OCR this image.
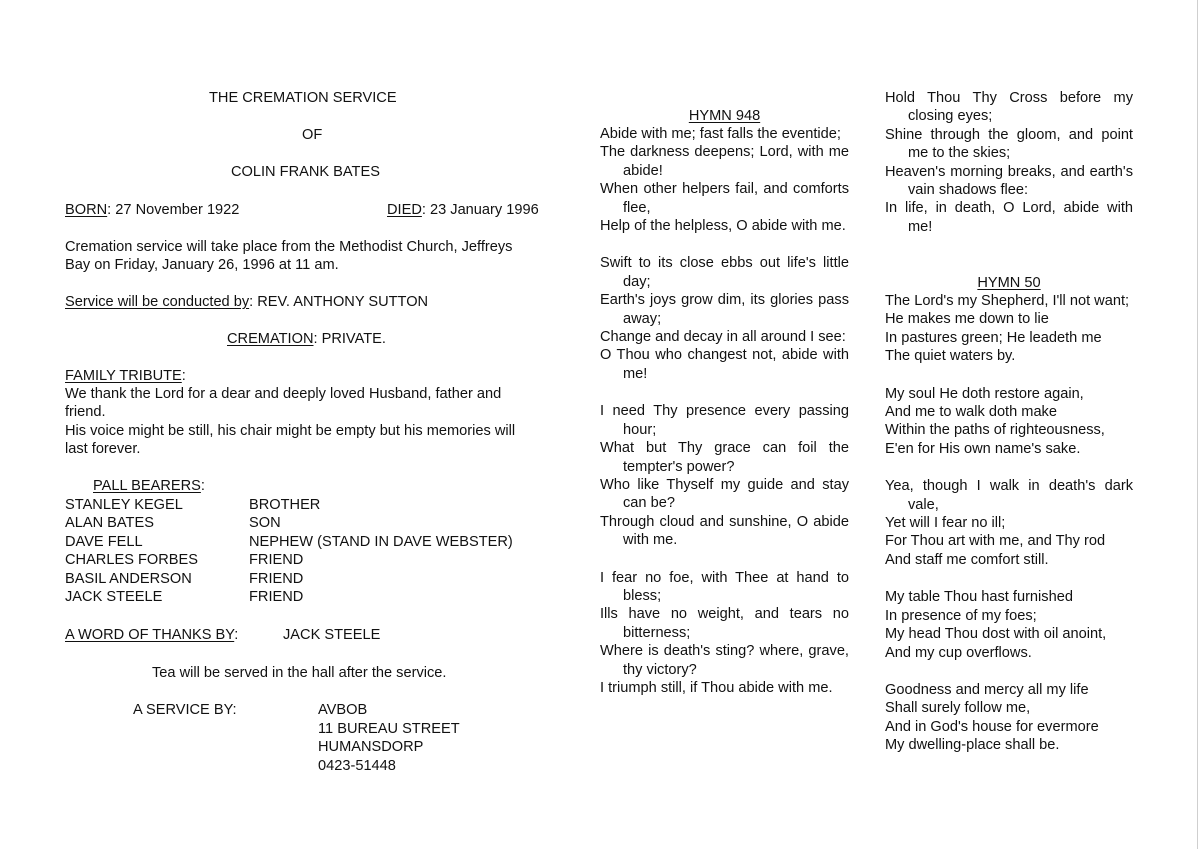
THE CREMATION SERVICE
OF
COLIN FRANK BATES
BORN: 27 November 1922	DIED: 23 January 1996
Cremation service will take place from the Methodist Church, Jeffreys
Bay on Friday, January 26, 1996 at 11 am.
Service will be conducted by: REV. ANTHONY SUTTON
CREMATION: PRIVATE.
FAMILY TRIBUTE:
We thank the Lord for a dear and deeply loved Husband, father and
friend.
His voice might be still, his chair might be empty but his memories will
last forever.
PALL BEARERS:
STANLEY KEGEL	BROTHER
ALAN BATES	SON
DAVE FELL	NEPHEW (STAND IN DAVE WEBSTER)
CHARLES FORBES	FRIEND
BASIL ANDERSON	FRIEND
JACK STEELE	FRIEND
A WORD OF THANKS BY:	JACK STEELE
Tea will be served in the hall after the service.
A SERVICE BY:	AVBOB
11 BUREAU STREET
HUMANSDORP
0423-51448
HYMN 948
Abide with me; fast falls the eventide;
The darkness deepens; Lord, with me abide!
When other helpers fail, and comforts flee,
Help of the helpless, O abide with me.
Swift to its close ebbs out life's little day;
Earth's joys grow dim, its glories pass away;
Change and decay in all around I see:
O Thou who changest not, abide with me!
I need Thy presence every passing hour;
What but Thy grace can foil the tempter's power?
Who like Thyself my guide and stay can be?
Through cloud and sunshine, O abide with me.
I fear no foe, with Thee at hand to bless;
Ills have no weight, and tears no bitterness;
Where is death's sting? where, grave, thy victory?
I triumph still, if Thou abide with me.
Hold Thou Thy Cross before my closing eyes;
Shine through the gloom, and point me to the skies;
Heaven's morning breaks, and earth's vain shadows flee:
In life, in death, O Lord, abide with me!
HYMN 50
The Lord's my Shepherd, I'll not want;
He makes me down to lie
In pastures green; He leadeth me
The quiet waters by.
My soul He doth restore again,
And me to walk doth make
Within the paths of righteousness,
E'en for His own name's sake.
Yea, though I walk in death's dark vale,
Yet will I fear no ill;
For Thou art with me, and Thy rod
And staff me comfort still.
My table Thou hast furnished
In presence of my foes;
My head Thou dost with oil anoint,
And my cup overflows.
Goodness and mercy all my life
Shall surely follow me,
And in God's house for evermore
My dwelling-place shall be.
